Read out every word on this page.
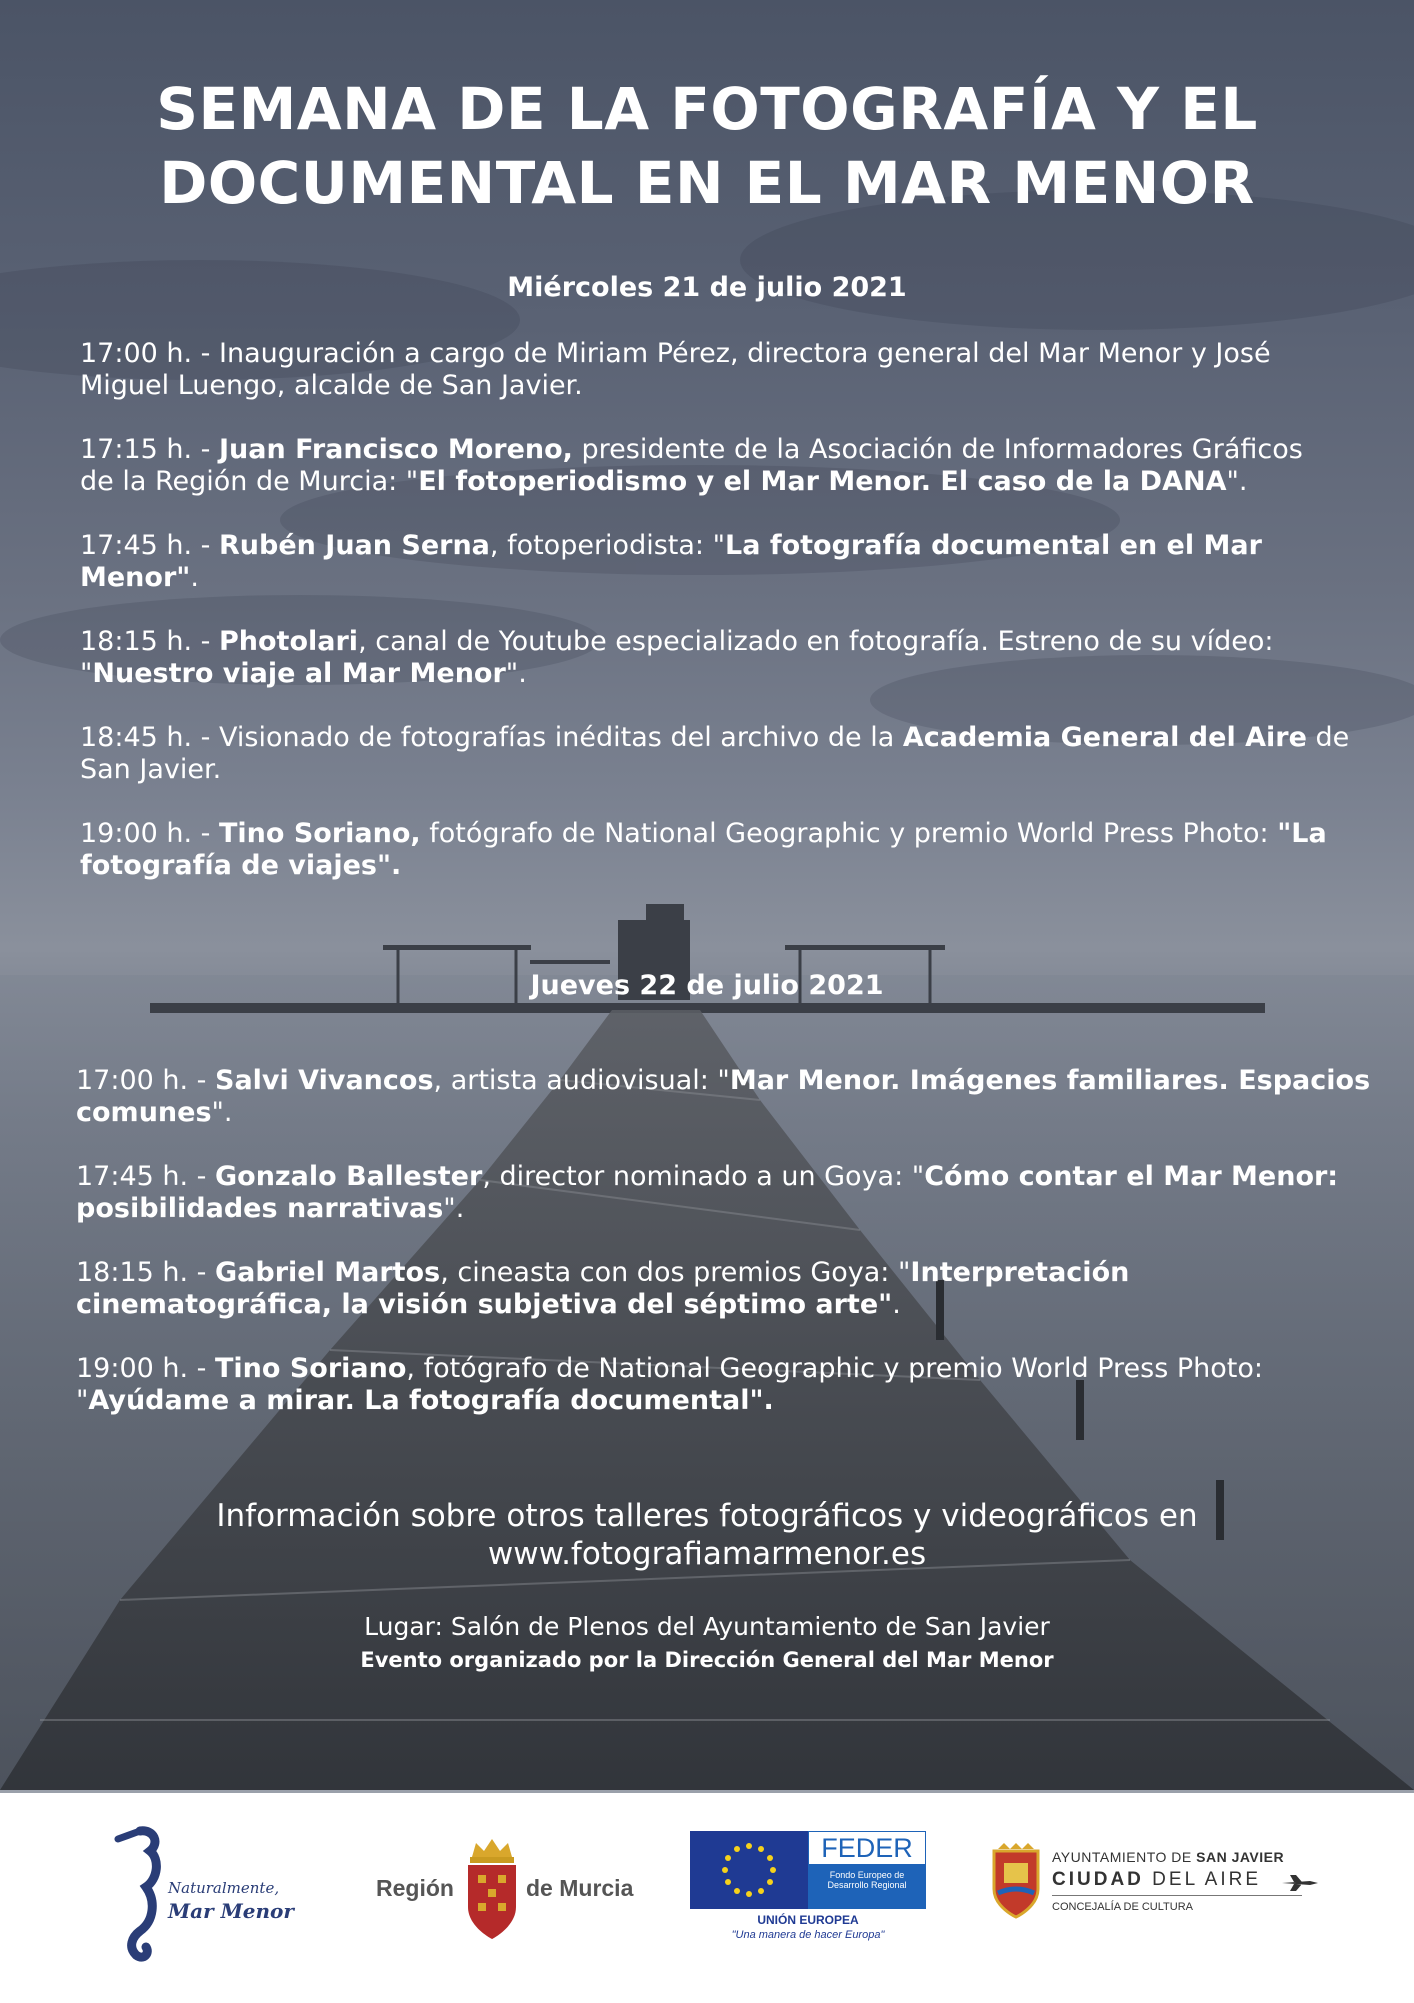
SEMANA DE LA FOTOGRAFÍA Y EL
DOCUMENTAL EN EL MAR MENOR
Miércoles 21 de julio 2021
17:00 h. - Inauguración a cargo de Miriam Pérez, directora general del Mar Menor y José
Miguel Luengo, alcalde de San Javier.
17:15 h. - Juan Francisco Moreno, presidente de la Asociación de Informadores Gráficos
de la Región de Murcia: "El fotoperiodismo y el Mar Menor. El caso de la DANA".
17:45 h. - Rubén Juan Serna, fotoperiodista: "La fotografía documental en el Mar
Menor".
18:15 h. - Photolari, canal de Youtube especializado en fotografía. Estreno de su vídeo:
"Nuestro viaje al Mar Menor".
18:45 h. - Visionado de fotografías inéditas del archivo de la Academia General del Aire de
San Javier.
19:00 h. - Tino Soriano, fotógrafo de National Geographic y premio World Press Photo: "La
fotografía de viajes".
Jueves 22 de julio 2021
17:00 h. - Salvi Vivancos, artista audiovisual: "Mar Menor. Imágenes familiares. Espacios
comunes".
17:45 h. - Gonzalo Ballester, director nominado a un Goya: "Cómo contar el Mar Menor:
posibilidades narrativas".
18:15 h. - Gabriel Martos, cineasta con dos premios Goya: "Interpretación
cinematográfica, la visión subjetiva del séptimo arte".
19:00 h. - Tino Soriano, fotógrafo de National Geographic y premio World Press Photo:
"Ayúdame a mirar. La fotografía documental".
Información sobre otros talleres fotográficos y videográficos en
www.fotografiamarmenor.es
Lugar: Salón de Plenos del Ayuntamiento de San Javier
Evento organizado por la Dirección General del Mar Menor
Naturalmente,
Mar Menor
Región	de Murcia
FEDER
Fondo Europeo de
Desarrollo Regional
UNIÓN EUROPEA
"Una manera de hacer Europa"
AYUNTAMIENTO DE SAN JAVIER
CIUDAD DEL AIRE
CONCEJALÍA DE CULTURA
